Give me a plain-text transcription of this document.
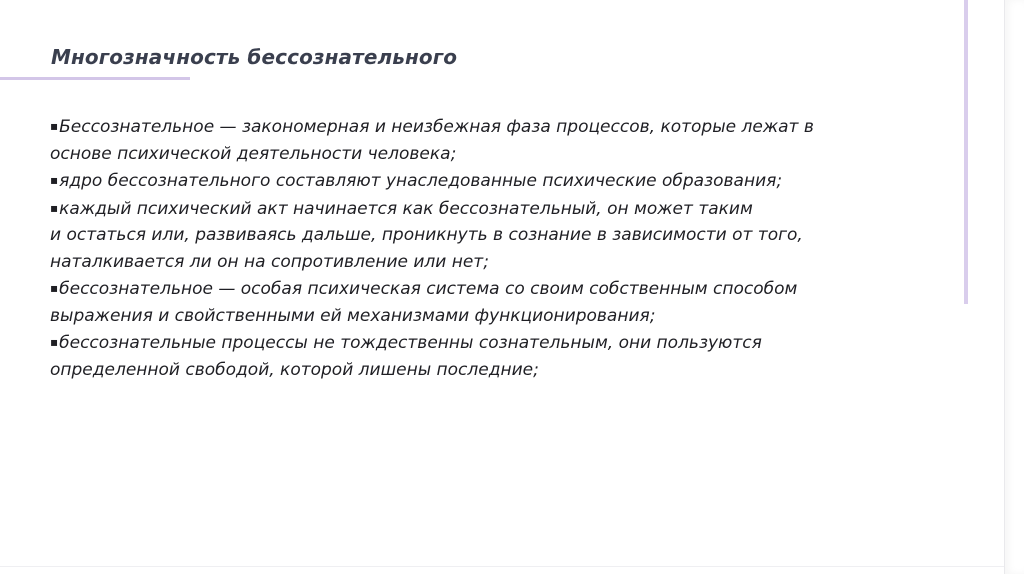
Многозначность бессознательного
▪Бессознательное — закономерная и неизбежная фаза процессов, которые лежат в
основе психической деятельности человека;
▪ядро бессознательного составляют унаследованные психические образования;
▪каждый психический акт начинается как бессознательный, он может таким
и остаться или, развиваясь дальше, проникнуть в сознание в зависимости от того,
наталкивается ли он на сопротивление или нет;
▪бессознательное — особая психическая система со своим собственным способом
выражения и свойственными ей механизмами функционирования;
▪бессознательные процессы не тождественны сознательным, они пользуются
определенной свободой, которой лишены последние;
